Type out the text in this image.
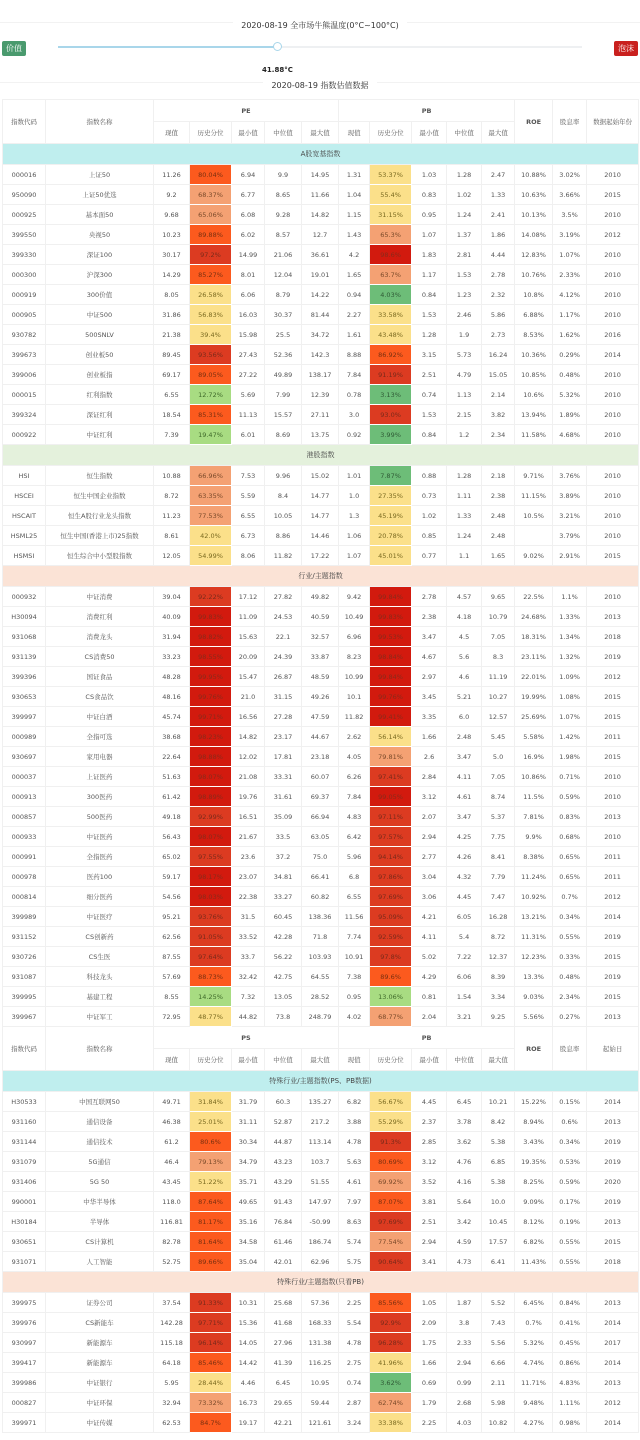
2020-08-19 全市场牛熊温度(0°C~100°C)
价值
41.88°C
泡沫
2020-08-19 指数估值数据
指数代码	指数名称	PE					PB					ROE	股息率	数据起始年份
		现值	历史分位	最小值	中位值	最大值	现值	历史分位	最小值	中位值	最大值			
A股宽基指数														
000016	上证50	11.26	80.04%	6.94	9.9	14.95	1.31	53.37%	1.03	1.28	2.47	10.88%	3.02%	2010
950090	上证50优选	9.2	68.37%	6.77	8.65	11.66	1.04	55.4%	0.83	1.02	1.33	10.63%	3.66%	2015
000925	基本面50	9.68	65.06%	6.08	9.28	14.82	1.15	31.15%	0.95	1.24	2.41	10.13%	3.5%	2010
399550	央视50	10.23	89.88%	6.02	8.57	12.7	1.43	65.3%	1.07	1.37	1.86	14.08%	3.19%	2012
399330	深证100	30.17	97.2%	14.99	21.06	36.61	4.2	98.6%	1.83	2.81	4.44	12.83%	1.07%	2010
000300	沪深300	14.29	85.27%	8.01	12.04	19.01	1.65	63.7%	1.17	1.53	2.78	10.76%	2.33%	2010
000919	300价值	8.05	26.58%	6.06	8.79	14.22	0.94	4.03%	0.84	1.23	2.32	10.8%	4.12%	2010
000905	中证500	31.86	56.83%	16.03	30.37	81.44	2.27	33.58%	1.53	2.46	5.86	6.88%	1.17%	2010
930782	500SNLV	21.38	39.4%	15.98	25.5	34.72	1.61	43.48%	1.28	1.9	2.73	8.53%	1.62%	2016
399673	创业板50	89.45	93.56%	27.43	52.36	142.3	8.88	86.92%	3.15	5.73	16.24	10.36%	0.29%	2014
399006	创业板指	69.17	89.05%	27.22	49.89	138.17	7.84	91.19%	2.51	4.79	15.05	10.85%	0.48%	2010
000015	红利指数	6.55	12.72%	5.69	7.99	12.39	0.78	3.13%	0.74	1.13	2.14	10.6%	5.32%	2010
399324	深证红利	18.54	85.31%	11.13	15.57	27.11	3.0	93.0%	1.53	2.15	3.82	13.94%	1.89%	2010
000922	中证红利	7.39	19.47%	6.01	8.69	13.75	0.92	3.99%	0.84	1.2	2.34	11.58%	4.68%	2010
港股指数														
HSI	恒生指数	10.88	66.96%	7.53	9.96	15.02	1.01	7.87%	0.88	1.28	2.18	9.71%	3.76%	2010
HSCEI	恒生中国企业指数	8.72	63.35%	5.59	8.4	14.77	1.0	27.35%	0.73	1.11	2.38	11.15%	3.89%	2010
HSCAIT	恒生A股行业龙头指数	11.23	77.53%	6.55	10.05	14.77	1.3	45.19%	1.02	1.33	2.48	10.5%	3.21%	2010
HSML25	恒生中国(香港上市)25指数	8.61	42.0%	6.73	8.86	14.46	1.06	20.78%	0.85	1.24	2.48		3.79%	2010
HSMSI	恒生综合中小型股指数	12.05	54.99%	8.06	11.82	17.22	1.07	45.01%	0.77	1.1	1.65	9.02%	2.91%	2015
行业/主题指数														
000932	中证消费	39.04	92.22%	17.12	27.82	49.82	9.42	99.84%	2.78	4.57	9.65	22.5%	1.1%	2010
H30094	消费红利	40.09	99.83%	11.09	24.53	40.59	10.49	99.83%	2.38	4.18	10.79	24.68%	1.33%	2013
931068	消费龙头	31.94	98.82%	15.63	22.1	32.57	6.96	99.53%	3.47	4.5	7.05	18.31%	1.34%	2018
931139	CS消费50	33.23	98.55%	20.09	24.39	33.87	8.23	98.84%	4.67	5.6	8.3	23.11%	1.32%	2019
399396	国证食品	48.28	99.95%	15.47	26.87	48.59	10.99	99.84%	2.97	4.6	11.19	22.01%	1.09%	2012
930653	CS食品饮	48.16	99.76%	21.0	31.15	49.26	10.1	99.76%	3.45	5.21	10.27	19.99%	1.08%	2015
399997	中证白酒	45.74	99.71%	16.56	27.28	47.59	11.82	99.41%	3.35	6.0	12.57	25.69%	1.07%	2015
000989	全指可选	38.68	98.23%	14.82	23.17	44.67	2.62	56.14%	1.66	2.48	5.45	5.58%	1.42%	2011
930697	家用电器	22.64	98.88%	12.02	17.81	23.18	4.05	79.81%	2.6	3.47	5.0	16.9%	1.98%	2015
000037	上证医药	51.63	98.07%	21.08	33.31	60.07	6.26	97.41%	2.84	4.11	7.05	10.86%	0.71%	2010
000913	300医药	61.42	98.89%	19.76	31.61	69.37	7.84	99.05%	3.12	4.61	8.74	11.5%	0.59%	2010
000857	500医药	49.18	92.99%	16.51	35.09	66.94	4.83	97.11%	2.07	3.47	5.37	7.81%	0.83%	2013
000933	中证医药	56.43	98.07%	21.67	33.5	63.05	6.42	97.57%	2.94	4.25	7.75	9.9%	0.68%	2010
000991	全指医药	65.02	97.55%	23.6	37.2	75.0	5.96	94.14%	2.77	4.26	8.41	8.38%	0.65%	2011
000978	医药100	59.17	98.17%	23.07	34.81	66.41	6.8	97.86%	3.04	4.32	7.79	11.24%	0.65%	2011
000814	细分医药	54.56	98.03%	22.38	33.27	60.82	6.55	97.69%	3.06	4.45	7.47	10.92%	0.7%	2012
399989	中证医疗	95.21	93.76%	31.5	60.45	138.36	11.56	95.09%	4.21	6.05	16.28	13.21%	0.34%	2014
931152	CS创新药	62.56	91.05%	33.52	42.28	71.8	7.74	92.59%	4.11	5.4	8.72	11.31%	0.55%	2019
930726	CS生医	87.55	97.64%	33.7	56.22	103.93	10.91	97.8%	5.02	7.22	12.37	12.23%	0.33%	2015
931087	科技龙头	57.69	88.73%	32.42	42.75	64.55	7.38	89.6%	4.29	6.06	8.39	13.3%	0.48%	2019
399995	基建工程	8.55	14.25%	7.32	13.05	28.52	0.95	13.06%	0.81	1.54	3.34	9.03%	2.34%	2015
399967	中证军工	72.95	48.77%	44.82	73.8	248.79	4.02	68.77%	2.04	3.21	9.25	5.56%	0.27%	2013
指数代码	指数名称	PS					PB					ROE	股息率	起始日
		现值	历史分位	最小值	中位值	最大值	现值	历史分位	最小值	中位值	最大值			
特殊行业/主题指数(PS、PB数据)														
H30533	中国互联网50	49.71	31.84%	31.79	60.3	135.27	6.82	56.67%	4.45	6.45	10.21	15.22%	0.15%	2014
931160	通信设备	46.38	25.01%	31.11	52.87	217.2	3.88	55.29%	2.37	3.78	8.42	8.94%	0.6%	2013
931144	通信技术	61.2	80.6%	30.34	44.87	113.14	4.78	91.3%	2.85	3.62	5.38	3.43%	0.34%	2019
931079	5G通信	46.4	79.13%	34.79	43.23	103.7	5.63	80.69%	3.12	4.76	6.85	19.35%	0.53%	2019
931406	5G 50	43.45	51.22%	35.71	43.29	51.55	4.61	69.92%	3.52	4.16	5.38	8.25%	0.59%	2020
990001	中华半导体	118.0	87.64%	49.65	91.43	147.97	7.97	87.07%	3.81	5.64	10.0	9.09%	0.17%	2019
H30184	半导体	116.81	81.17%	35.16	76.84	-50.99	8.63	97.69%	2.51	3.42	10.45	8.12%	0.19%	2013
930651	CS计算机	82.78	81.64%	34.58	61.46	186.74	5.74	77.54%	2.94	4.59	17.57	6.82%	0.55%	2015
931071	人工智能	52.75	89.66%	35.04	42.01	62.96	5.75	90.64%	3.41	4.73	6.41	11.43%	0.55%	2018
特殊行业/主题指数(只看PB)														
399975	证券公司	37.54	91.33%	10.31	25.68	57.36	2.25	85.56%	1.05	1.87	5.52	6.45%	0.84%	2013
399976	CS新能车	142.28	97.71%	15.36	41.68	168.33	5.54	92.9%	2.09	3.8	7.43	0.7%	0.41%	2014
930997	新能源车	115.18	96.14%	14.05	27.96	131.38	4.78	96.28%	1.75	2.33	5.56	5.32%	0.45%	2017
399417	新能源车	64.18	85.46%	14.42	41.39	116.25	2.75	41.96%	1.66	2.94	6.66	4.74%	0.86%	2014
399986	中证银行	5.95	28.44%	4.46	6.45	10.95	0.74	3.62%	0.69	0.99	2.11	11.71%	4.83%	2013
000827	中证环保	32.94	73.32%	16.73	29.65	59.44	2.87	62.74%	1.79	2.68	5.98	9.48%	1.11%	2012
399971	中证传媒	62.53	84.7%	19.17	42.21	121.61	3.24	33.38%	2.25	4.03	10.82	4.27%	0.98%	2014
